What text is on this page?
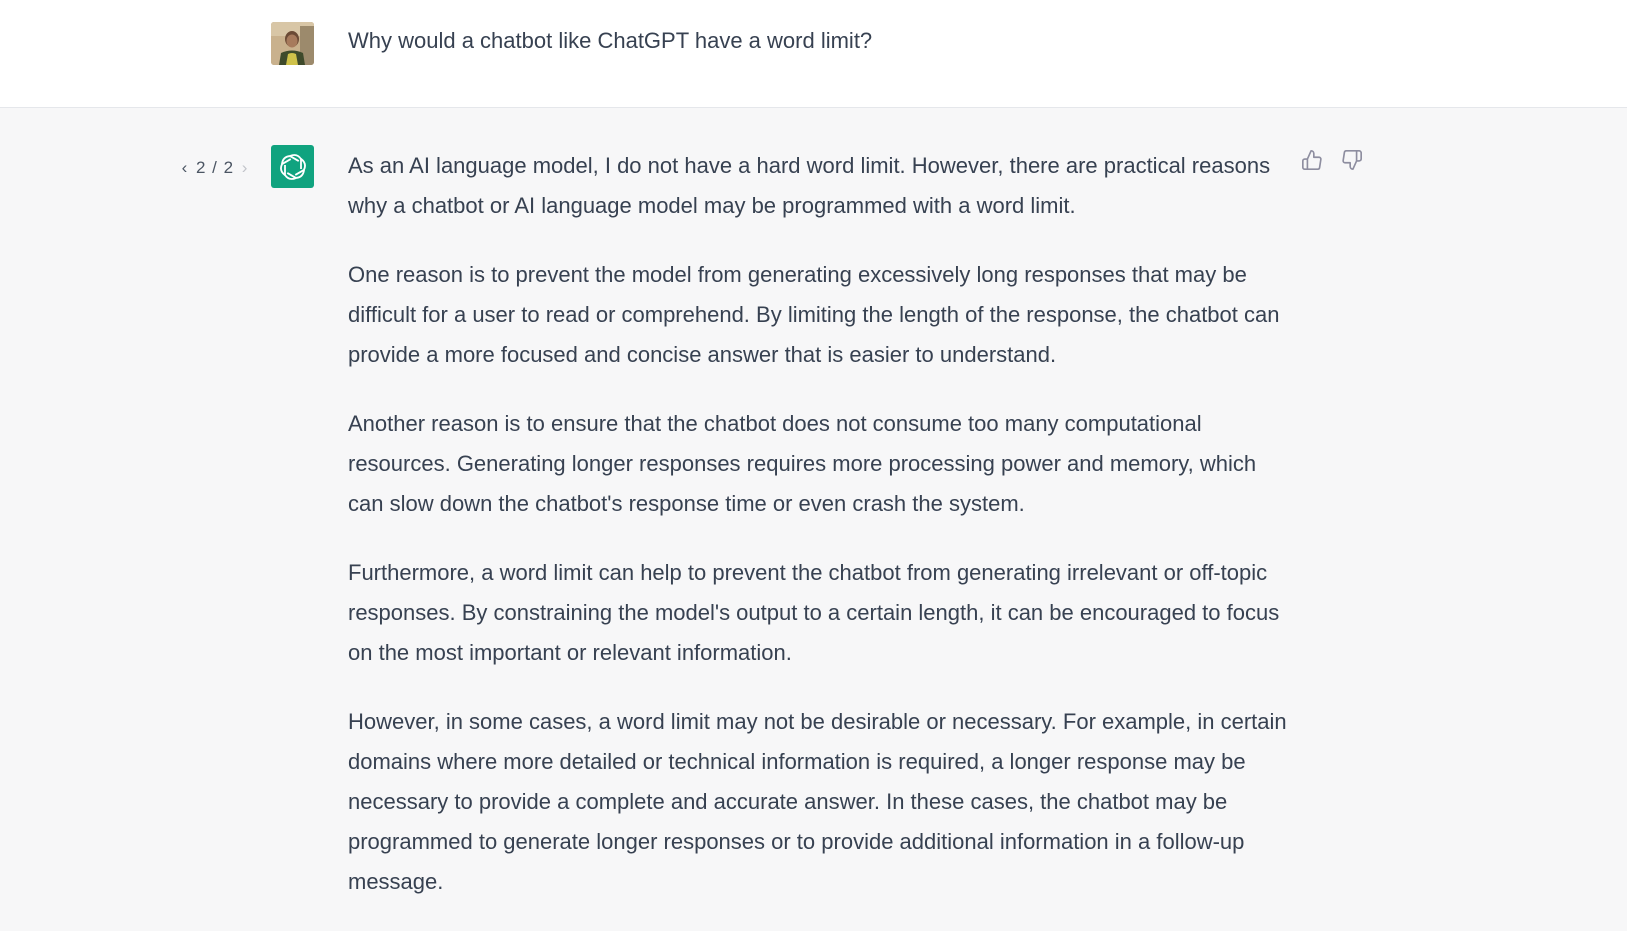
Why would a chatbot like ChatGPT have a word limit?
‹ 2 / 2 ›	As an AI language model, I do not have a hard word limit. However, there are practical reasons why a chatbot or AI language model may be programmed with a word limit.

One reason is to prevent the model from generating excessively long responses that may be difficult for a user to read or comprehend. By limiting the length of the response, the chatbot can provide a more focused and concise answer that is easier to understand.

Another reason is to ensure that the chatbot does not consume too many computational resources. Generating longer responses requires more processing power and memory, which can slow down the chatbot's response time or even crash the system.

Furthermore, a word limit can help to prevent the chatbot from generating irrelevant or off-topic responses. By constraining the model's output to a certain length, it can be encouraged to focus on the most important or relevant information.

However, in some cases, a word limit may not be desirable or necessary. For example, in certain domains where more detailed or technical information is required, a longer response may be necessary to provide a complete and accurate answer. In these cases, the chatbot may be programmed to generate longer responses or to provide additional information in a follow-up message.
